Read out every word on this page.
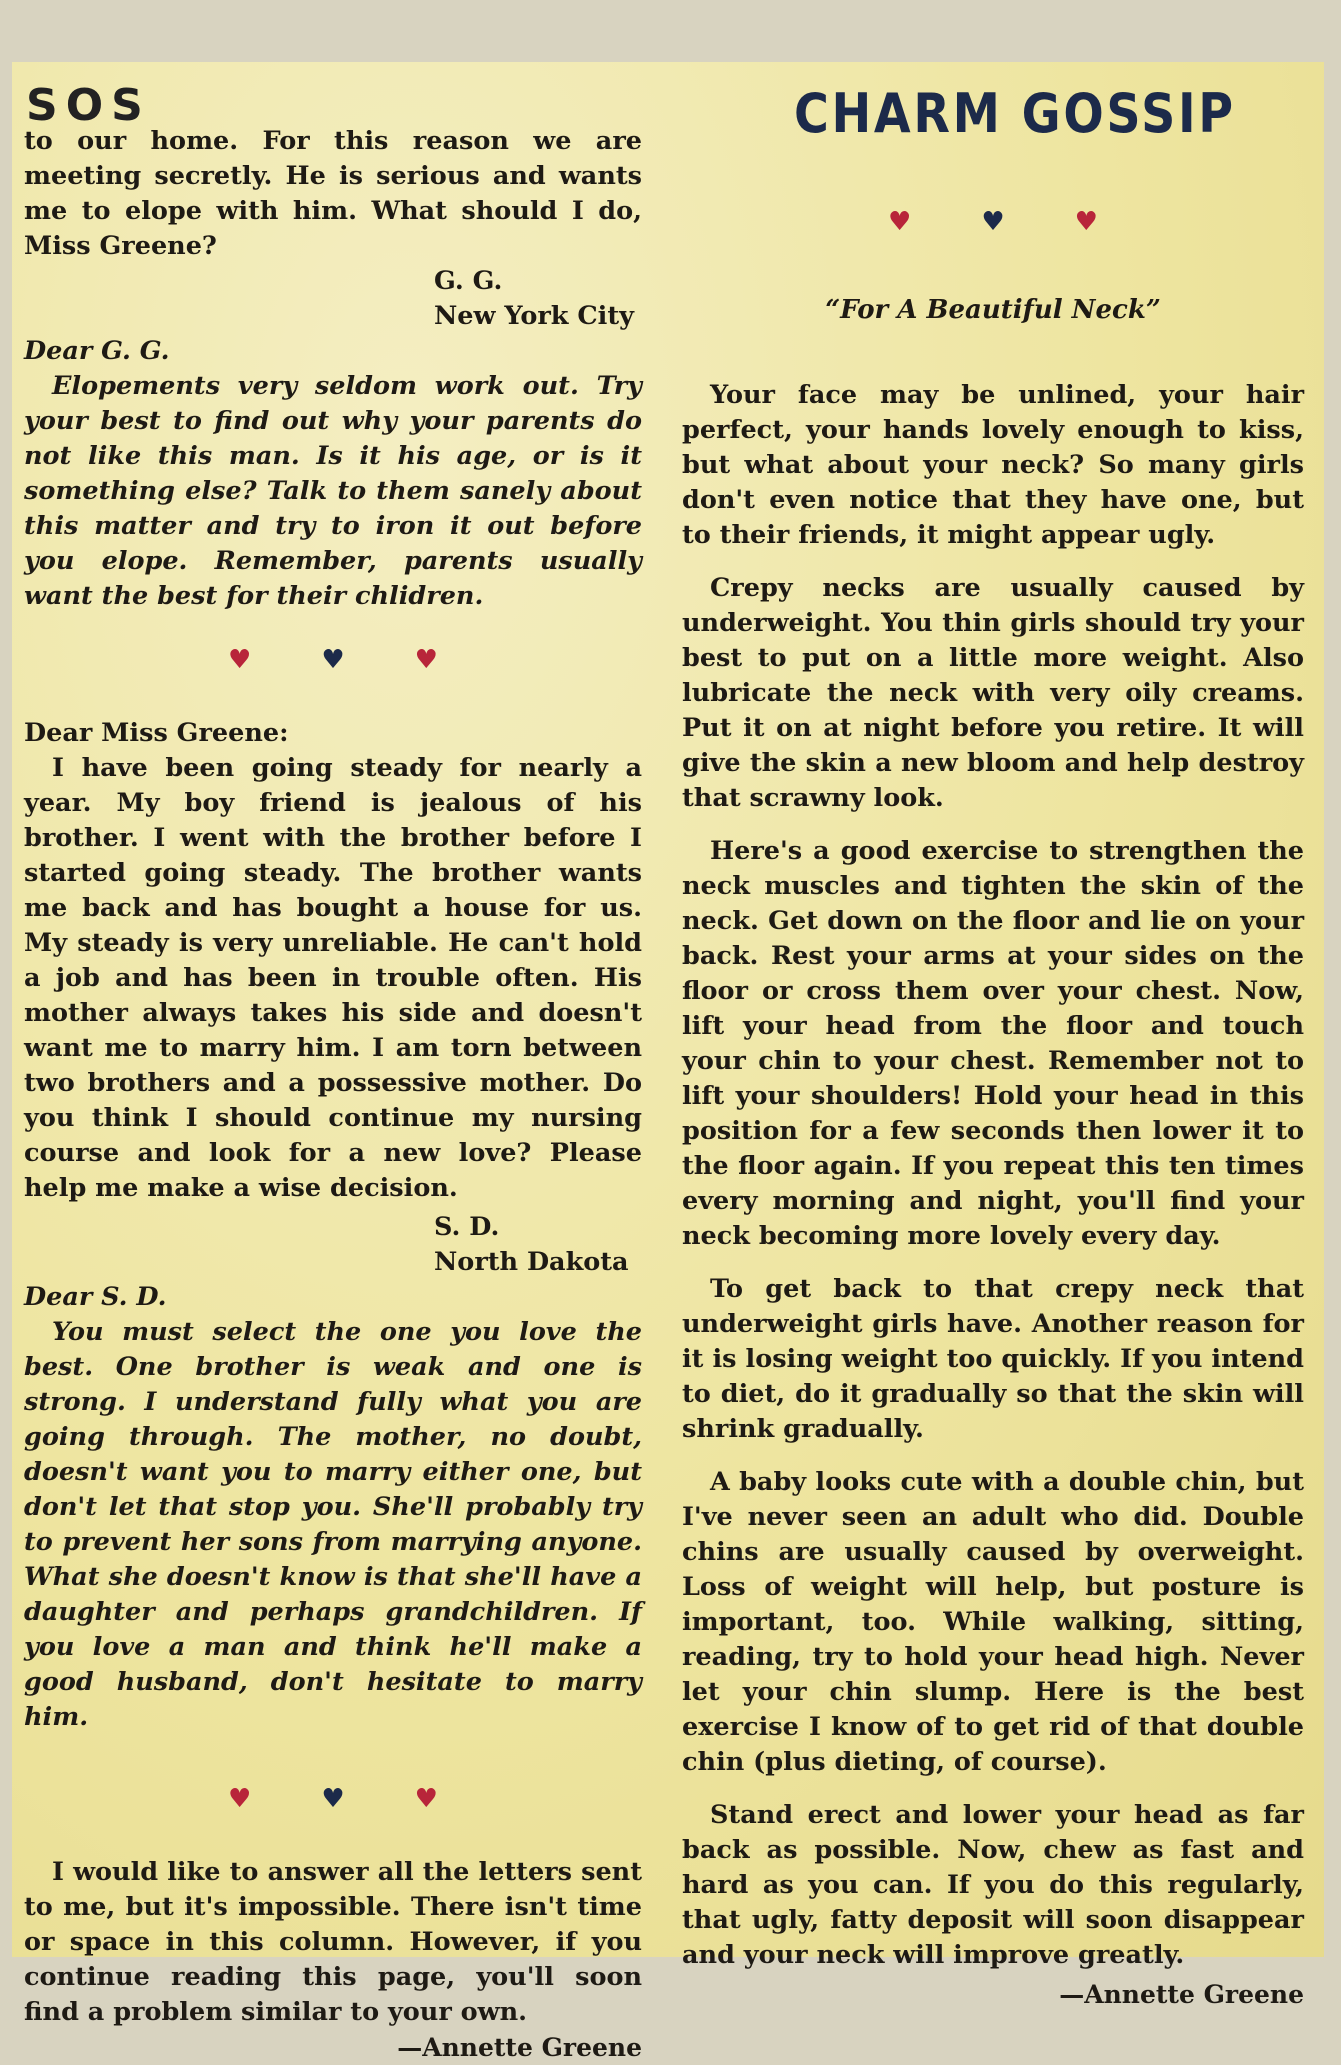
SOS	CHARM GOSSIP

to our home. For this reason we are meeting secretly. He is serious and wants me to elope with him. What should I do, Miss Greene?

G. G.

New York City

Dear G. G.

Elopements very seldom work out. Try your best to find out why your parents do not like this man. Is it his age, or is it something else? Talk to them sanely about this matter and try to iron it out before you elope. Remember, parents usually want the best for their chlidren.

♥	♥	♥

Dear Miss Greene:

I have been going steady for nearly a year. My boy friend is jealous of his brother. I went with the brother before I started going steady. The brother wants me back and has bought a house for us. My steady is very unreliable. He can't hold a job and has been in trouble often. His mother always takes his side and doesn't want me to marry him. I am torn between two brothers and a possessive mother. Do you think I should continue my nursing course and look for a new love? Please help me make a wise decision.

S. D.

North Dakota

Dear S. D.

You must select the one you love the best. One brother is weak and one is strong. I understand fully what you are going through. The mother, no doubt, doesn't want you to marry either one, but don't let that stop you. She'll probably try to prevent her sons from marrying anyone. What she doesn't know is that she'll have a daughter and perhaps grandchildren. If you love a man and think he'll make a good husband, don't hesitate to marry him.

♥	♥	♥

I would like to answer all the letters sent to me, but it's impossible. There isn't time or space in this column. However, if you continue reading this page, you'll soon find a problem similar to your own.

—Annette Greene

♥	♥	♥

“For A Beautiful Neck”

Your face may be unlined, your hair perfect, your hands lovely enough to kiss, but what about your neck? So many girls don't even notice that they have one, but to their friends, it might appear ugly.

Crepy necks are usually caused by underweight. You thin girls should try your best to put on a little more weight. Also lubricate the neck with very oily creams. Put it on at night before you retire. It will give the skin a new bloom and help destroy that scrawny look.

Here's a good exercise to strengthen the neck muscles and tighten the skin of the neck. Get down on the floor and lie on your back. Rest your arms at your sides on the floor or cross them over your chest. Now, lift your head from the floor and touch your chin to your chest. Remember not to lift your shoulders! Hold your head in this position for a few seconds then lower it to the floor again. If you repeat this ten times every morning and night, you'll find your neck becoming more lovely every day.

To get back to that crepy neck that underweight girls have. Another reason for it is losing weight too quickly. If you intend to diet, do it gradually so that the skin will shrink gradually.

A baby looks cute with a double chin, but I've never seen an adult who did. Double chins are usually caused by overweight. Loss of weight will help, but posture is important, too. While walking, sitting, reading, try to hold your head high. Never let your chin slump. Here is the best exercise I know of to get rid of that double chin (plus dieting, of course).

Stand erect and lower your head as far back as possible. Now, chew as fast and hard as you can. If you do this regularly, that ugly, fatty deposit will soon disappear and your neck will improve greatly.

—Annette Greene
